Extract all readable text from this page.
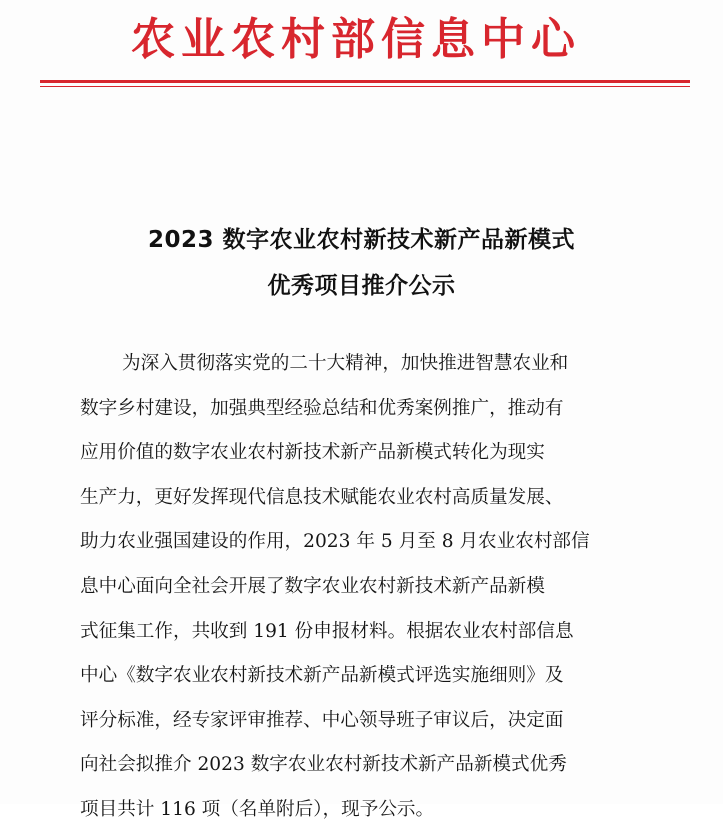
农业农村部信息中心
2023 数字农业农村新技术新产品新模式
优秀项目推介公示
为深入贯彻落实党的二十大精神，加快推进智慧农业和
数字乡村建设，加强典型经验总结和优秀案例推广，推动有
应用价值的数字农业农村新技术新产品新模式转化为现实
生产力，更好发挥现代信息技术赋能农业农村高质量发展、
助力农业强国建设的作用，2023 年 5 月至 8 月农业农村部信
息中心面向全社会开展了数字农业农村新技术新产品新模
式征集工作，共收到 191 份申报材料。根据农业农村部信息
中心《数字农业农村新技术新产品新模式评选实施细则》及
评分标准，经专家评审推荐、中心领导班子审议后，决定面
向社会拟推介 2023 数字农业农村新技术新产品新模式优秀
项目共计 116 项（名单附后），现予公示。
